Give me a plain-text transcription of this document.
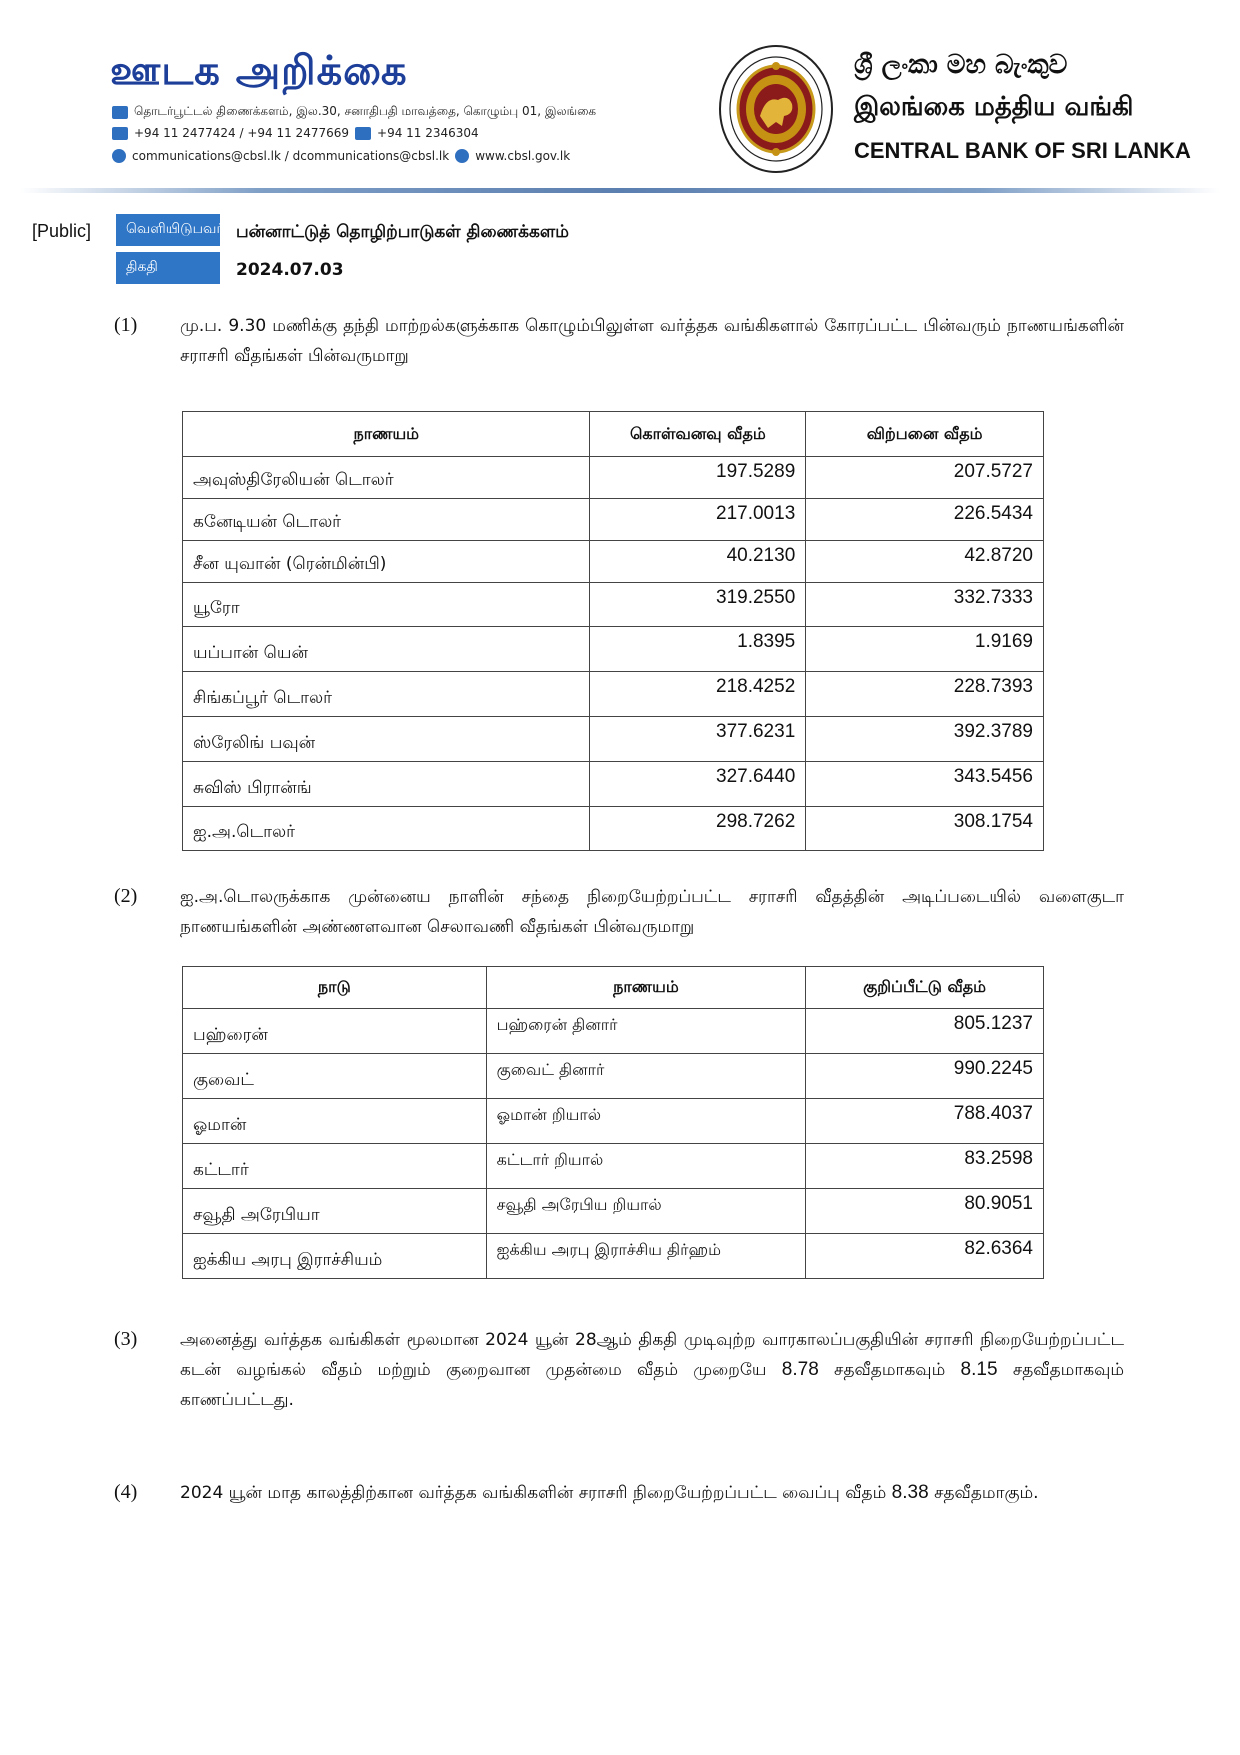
ஊடக அறிக்கை
தொடர்பூட்டல் திணைக்களம், இல.30, சனாதிபதி மாவத்தை, கொழும்பு 01, இலங்கை
+94 11 2477424 / +94 11 2477669 +94 11 2346304
communications@cbsl.lk / dcommunications@cbsl.lk www.cbsl.gov.lk
ශ්‍රී ලංකා මහ බැංකුව
இலங்கை மத்திய வங்கி
CENTRAL BANK OF SRI LANKA
[Public]	வெளியிடுபவர் பன்னாட்டுத் தொழிற்பாடுகள் திணைக்களம்
திகதி	2024.07.03
(1)	மு.ப. 9.30 மணிக்கு தந்தி மாற்றல்களுக்காக கொழும்பிலுள்ள வர்த்தக வங்கிகளால் கோரப்பட்ட பின்வரும் நாணயங்களின் சராசரி வீதங்கள் பின்வருமாறு
நாணயம்	கொள்வனவு வீதம்	விற்பனை வீதம்
அவுஸ்திரேலியன் டொலர்	197.5289	207.5727
கனேடியன் டொலர்	217.0013	226.5434
சீன யுவான் (ரென்மின்பி)	40.2130	42.8720
யூரோ	319.2550	332.7333
யப்பான் யென்	1.8395	1.9169
சிங்கப்பூர் டொலர்	218.4252	228.7393
ஸ்ரேலிங் பவுன்	377.6231	392.3789
சுவிஸ் பிரான்ங்	327.6440	343.5456
ஐ.அ.டொலர்	298.7262	308.1754
(2)	ஐ.அ.டொலருக்காக முன்னைய நாளின் சந்தை நிறையேற்றப்பட்ட சராசரி வீதத்தின் அடிப்படையில் வளைகுடா நாணயங்களின் அண்ணளவான செலாவணி வீதங்கள் பின்வருமாறு
நாடு	நாணயம்	குறிப்பீட்டு வீதம்
பஹ்ரைன்	பஹ்ரைன் தினார்	805.1237
குவைட்	குவைட் தினார்	990.2245
ஓமான்	ஓமான் றியால்	788.4037
கட்டார்	கட்டார் றியால்	83.2598
சவூதி அரேபியா	சவூதி அரேபிய றியால்	80.9051
ஐக்கிய அரபு இராச்சியம்	ஐக்கிய அரபு இராச்சிய திர்ஹம்	82.6364
(3)	அனைத்து வர்த்தக வங்கிகள் மூலமான 2024 யூன் 28ஆம் திகதி முடிவுற்ற வாரகாலப்பகுதியின் சராசரி நிறையேற்றப்பட்ட கடன் வழங்கல் வீதம் மற்றும் குறைவான முதன்மை வீதம் முறையே 8.78 சதவீதமாகவும் 8.15 சதவீதமாகவும் காணப்பட்டது.
(4)	2024 யூன் மாத காலத்திற்கான வர்த்தக வங்கிகளின் சராசரி நிறையேற்றப்பட்ட வைப்பு வீதம் 8.38 சதவீதமாகும்.
